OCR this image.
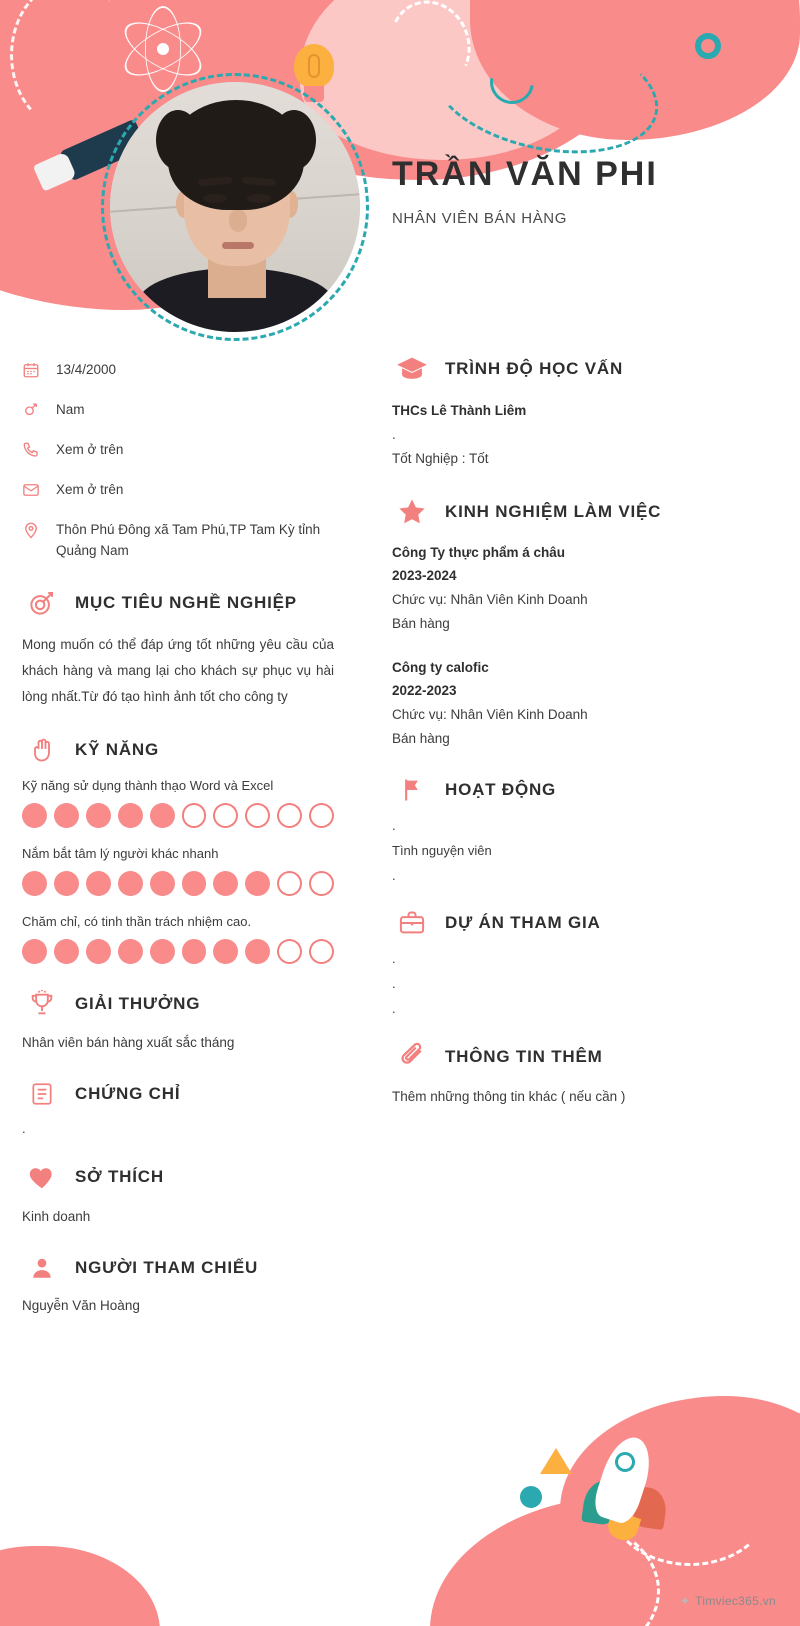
TRẦN VĂN PHI
NHÂN VIÊN BÁN HÀNG
13/4/2000
Nam
Xem ở trên
Xem ở trên
Thôn Phú Đông xã Tam Phú,TP Tam Kỳ tỉnh Quảng Nam
MỤC TIÊU NGHỀ NGHIỆP
Mong muốn có thể đáp ứng tốt những yêu cầu của khách hàng và mang lại cho khách sự phục vụ hài lòng nhất.Từ đó tạo hình ảnh tốt cho công ty
KỸ NĂNG
Kỹ năng sử dụng thành thạo Word và Excel
Nắm bắt tâm lý người khác nhanh
Chăm chỉ, có tinh thần trách nhiệm cao.
GIẢI THƯỞNG
Nhân viên bán hàng xuất sắc tháng
CHỨNG CHỈ
.
SỞ THÍCH
Kinh doanh
NGƯỜI THAM CHIẾU
Nguyễn Văn Hoàng
TRÌNH ĐỘ HỌC VẤN
THCs Lê Thành Liêm
.
Tốt Nghiệp : Tốt
KINH NGHIỆM LÀM VIỆC
Công Ty thực phẩm á châu
2023-2024
Chức vụ: Nhân Viên Kinh Doanh
Bán hàng
Công ty calofic
2022-2023
Chức vụ: Nhân Viên Kinh Doanh
Bán hàng
HOẠT ĐỘNG
.
Tình nguyện viên
.
DỰ ÁN THAM GIA
.
.
.
THÔNG TIN THÊM
Thêm những thông tin khác ( nếu cần )
✦ Timviec365.vn
